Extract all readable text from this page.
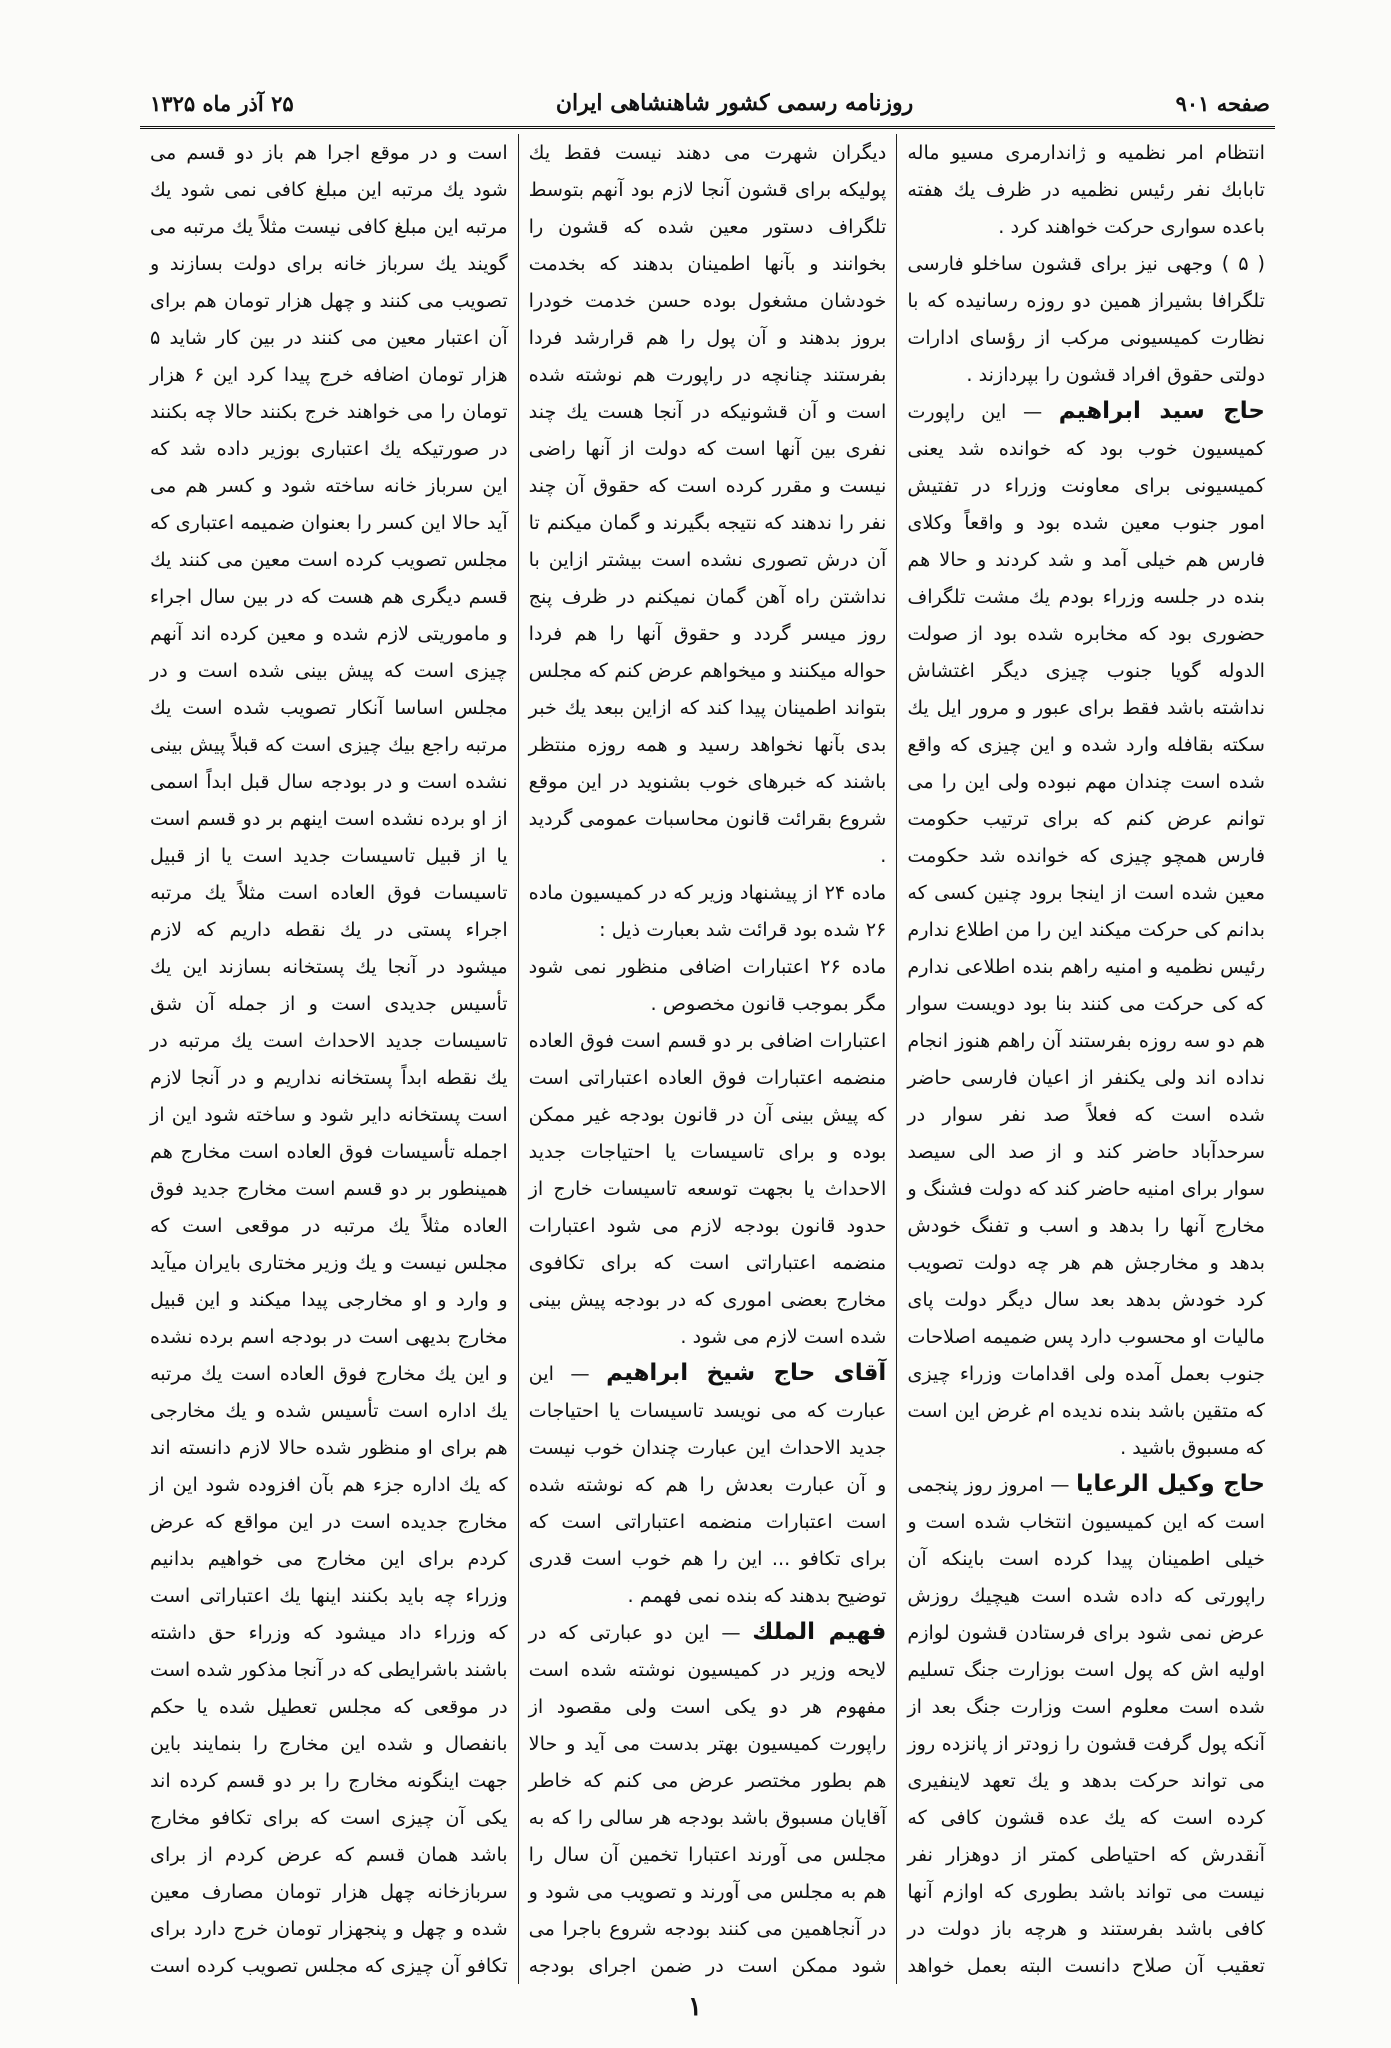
صفحه ۹۰۱
روزنامه رسمی کشور شاهنشاهی ایران
۲۵ آذر ماه ۱۳۲۵

انتظام امر نظمیه و ژاندارمری مسیو ماله تابابك نفر رئیس نظمیه در ظرف یك هفته باعده سواری حرکت خواهند کرد .

( ۵ ) وجهی نیز برای قشون ساخلو فارسی تلگرافا بشیراز همین دو روزه رسانیده که با نظارت کمیسیونی مرکب از رؤسای ادارات دولتی حقوق افراد قشون را بپردازند .

حاج سید ابراهیم — این راپورت کمیسیون خوب بود که خوانده شد یعنی کمیسیونی برای معاونت وزراء در تفتیش امور جنوب معین شده بود و واقعاً وکلای فارس هم خیلی آمد و شد کردند و حالا هم بنده در جلسه وزراء بودم یك مشت تلگراف حضوری بود که مخابره شده بود از صولت الدوله گویا جنوب چیزی دیگر اغتشاش نداشته باشد فقط برای عبور و مرور ایل یك سکته بقافله وارد شده و این چیزی که واقع شده است چندان مهم نبوده ولی این را می توانم عرض کنم که برای ترتیب حکومت فارس همچو چیزی که خوانده شد حکومت معین شده است از اینجا برود چنین کسی که بدانم کی حرکت میکند این را من اطلاع ندارم رئیس نظمیه و امنیه راهم بنده اطلاعی ندارم که کی حرکت می کنند بنا بود دویست سوار هم دو سه روزه بفرستند آن راهم هنوز انجام نداده اند ولی یکنفر از اعیان فارسی حاضر شده است که فعلاً صد نفر سوار در سرحدآباد حاضر کند و از صد الی سیصد سوار برای امنیه حاضر کند که دولت فشنگ و مخارج آنها را بدهد و اسب و تفنگ خودش بدهد و مخارجش هم هر چه دولت تصویب کرد خودش بدهد بعد سال دیگر دولت پای مالیات او محسوب دارد پس ضمیمه اصلاحات جنوب بعمل آمده ولی اقدامات وزراء چیزی که متقین باشد بنده ندیده ام غرض این است که مسبوق باشید .

حاج وکیل الرعایا — امروز روز پنجمی است که این کمیسیون انتخاب شده است و خیلی اطمینان پیدا کرده است باینکه آن راپورتی که داده شده است هیچیك روزش عرض نمی شود برای فرستادن قشون لوازم اولیه اش که پول است بوزارت جنگ تسلیم شده است معلوم است وزارت جنگ بعد از آنکه پول گرفت قشون را زودتر از پانزده روز می تواند حرکت بدهد و یك تعهد لاینفیری کرده است که یك عده قشون کافی که آنقدرش که احتیاطی کمتر از دوهزار نفر نیست می تواند باشد بطوری که اوازم آنها کافی باشد بفرستند و هرچه باز دولت در تعقیب آن صلاح دانست البته بعمل خواهد

دیگران شهرت می دهند نیست فقط یك پولیکه برای قشون آنجا لازم بود آنهم بتوسط تلگراف دستور معین شده که قشون را بخوانند و بآنها اطمینان بدهند که بخدمت خودشان مشغول بوده حسن خدمت خودرا بروز بدهند و آن پول را هم قرارشد فردا بفرستند چنانچه در راپورت هم نوشته شده است و آن قشونیکه در آنجا هست یك چند نفری بین آنها است که دولت از آنها راضی نیست و مقرر کرده است که حقوق آن چند نفر را ندهند که نتیجه بگیرند و گمان میکنم تا آن درش تصوری نشده است بیشتر ازاین با نداشتن راه آهن گمان نمیکنم در ظرف پنج روز میسر گردد و حقوق آنها را هم فردا حواله میکنند و میخواهم عرض کنم که مجلس بتواند اطمینان پیدا کند که ازاین ببعد یك خبر بدی بآنها نخواهد رسید و همه روزه منتظر باشند که خبرهای خوب بشنوید در این موقع شروع بقرائت قانون محاسبات عمومی گردید .

ماده ۲۴ از پیشنهاد وزیر که در کمیسیون ماده ۲۶ شده بود قرائت شد بعبارت ذیل :

ماده ۲۶ اعتبارات اضافی منظور نمی شود مگر بموجب قانون مخصوص .

اعتبارات اضافی بر دو قسم است فوق العاده منضمه اعتبارات فوق العاده اعتباراتی است که پیش بینی آن در قانون بودجه غیر ممکن بوده و برای تاسیسات یا احتیاجات جدید الاحداث یا بجهت توسعه تاسیسات خارج از حدود قانون بودجه لازم می شود اعتبارات منضمه اعتباراتی است که برای تکافوی مخارج بعضی اموری که در بودجه پیش بینی شده است لازم می شود .

آقای حاج شیخ ابراهیم — این عبارت که می نویسد تاسیسات یا احتیاجات جدید الاحداث این عبارت چندان خوب نیست و آن عبارت بعدش را هم که نوشته شده است اعتبارات منضمه اعتباراتی است که برای تکافو ... این را هم خوب است قدری توضیح بدهند که بنده نمی فهمم .

فهیم الملك — این دو عبارتی که در لایحه وزیر در کمیسیون نوشته شده است مفهوم هر دو یکی است ولی مقصود از راپورت کمیسیون بهتر بدست می آید و حالا هم بطور مختصر عرض می کنم که خاطر آقایان مسبوق باشد بودجه هر سالی را که به مجلس می آورند اعتبارا تخمین آن سال را هم به مجلس می آورند و تصویب می شود و در آنجاهمین می کنند بودجه شروع باجرا می شود ممکن است در ضمن اجرای بودجه

است و در موقع اجرا هم باز دو قسم می شود یك مرتبه این مبلغ کافی نمی شود یك مرتبه این مبلغ کافی نیست مثلاً یك مرتبه می گویند یك سرباز خانه برای دولت بسازند و تصویب می کنند و چهل هزار تومان هم برای آن اعتبار معین می کنند در بین کار شاید ۵ هزار تومان اضافه خرج پیدا کرد این ۶ هزار تومان را می خواهند خرج بکنند حالا چه بکنند در صورتیکه یك اعتباری بوزیر داده شد که این سرباز خانه ساخته شود و کسر هم می آید حالا این کسر را بعنوان ضمیمه اعتباری که مجلس تصویب کرده است معین می کنند یك قسم دیگری هم هست که در بین سال اجراء و ماموریتی لازم شده و معین کرده اند آنهم چیزی است که پیش بینی شده است و در مجلس اساسا آنکار تصویب شده است یك مرتبه راجع بیك چیزی است که قبلاً پیش بینی نشده است و در بودجه سال قبل ابداً اسمی از او برده نشده است اینهم بر دو قسم است یا از قبیل تاسیسات جدید است یا از قبیل تاسیسات فوق العاده است مثلاً یك مرتبه اجراء پستی در یك نقطه داریم که لازم میشود در آنجا یك پستخانه بسازند این یك تأسیس جدیدی است و از جمله آن شق تاسیسات جدید الاحداث است یك مرتبه در یك نقطه ابداً پستخانه نداریم و در آنجا لازم است پستخانه دایر شود و ساخته شود این از اجمله تأسیسات فوق العاده است مخارج هم همینطور بر دو قسم است مخارج جدید فوق العاده مثلاً یك مرتبه در موقعی است که مجلس نیست و یك وزیر مختاری بایران میآید و وارد و او مخارجی پیدا میکند و این قبیل مخارج بدیهی است در بودجه اسم برده نشده و این یك مخارج فوق العاده است یك مرتبه یك اداره است تأسیس شده و یك مخارجی هم برای او منظور شده حالا لازم دانسته اند که یك اداره جزء هم بآن افزوده شود این از مخارج جدیده است در این مواقع که عرض کردم برای این مخارج می خواهیم بدانیم وزراء چه باید بکنند اینها یك اعتباراتی است که وزراء داد میشود که وزراء حق داشته باشند باشرایطی که در آنجا مذکور شده است در موقعی که مجلس تعطیل شده یا حکم بانفصال و شده این مخارج را بنمایند باین جهت اینگونه مخارج را بر دو قسم کرده اند یکی آن چیزی است که برای تکافو مخارج باشد همان قسم که عرض کردم از برای سربازخانه چهل هزار تومان مصارف معین شده و چهل و پنجهزار تومان خرج دارد برای تکافو آن چیزی که مجلس تصویب کرده است

۱
